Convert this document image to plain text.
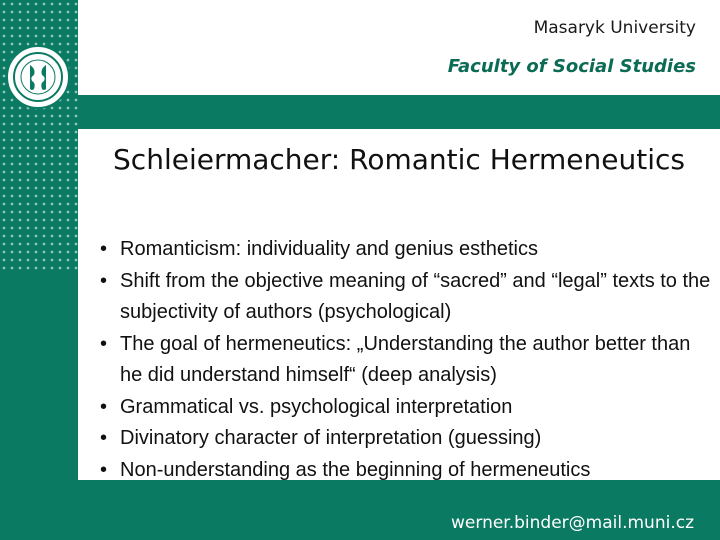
Masaryk University
Faculty of Social Studies
Schleiermacher: Romantic Hermeneutics
• Romanticism: individuality and genius esthetics
• Shift from the objective meaning of “sacred” and “legal” texts to the subjectivity of authors (psychological)
• The goal of hermeneutics: „Understanding the author better than he did understand himself“ (deep analysis)
• Grammatical vs. psychological interpretation
• Divinatory character of interpretation (guessing)
• Non-understanding as the beginning of hermeneutics
werner.binder@mail.muni.cz
